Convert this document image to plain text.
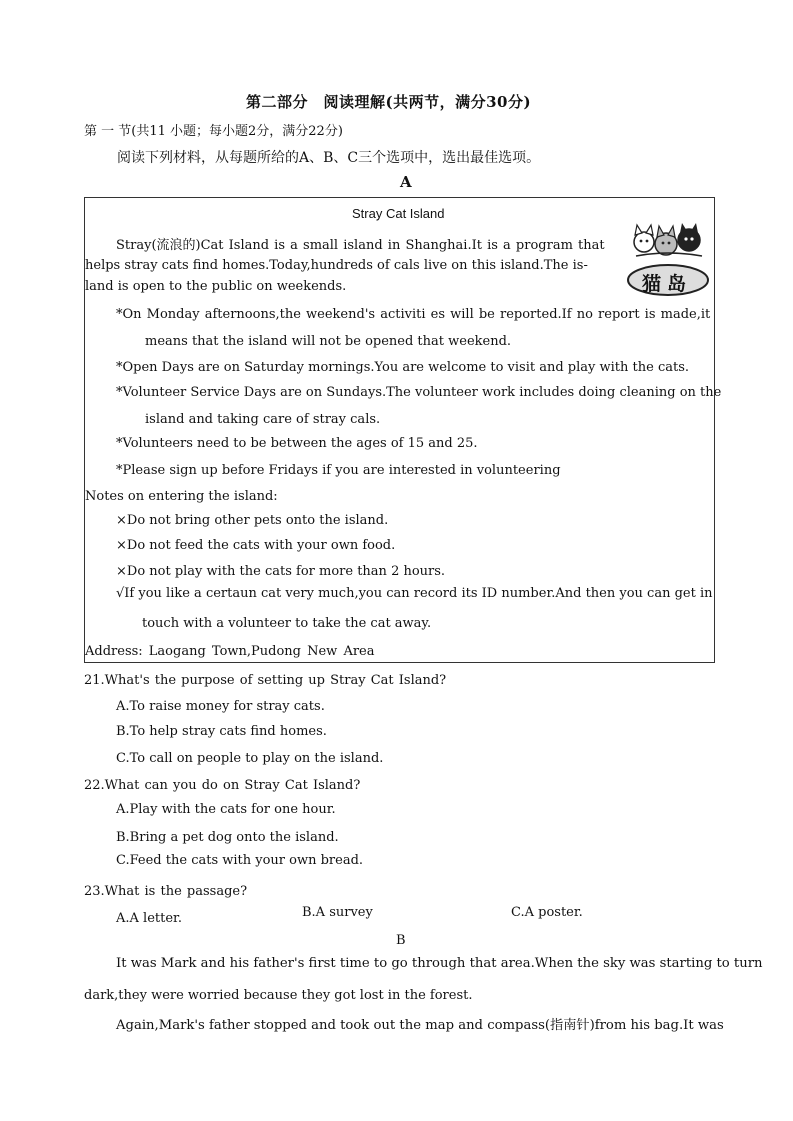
第二部分　阅读理解(共两节，满分30分)
第 一 节(共11 小题；每小题2分，满分22分)
阅读下列材料，从每题所给的A、B、C三个选项中，选出最佳选项。
A
Stray Cat Island
Stray(流浪的)Cat Island is a small island in Shanghai.It is a program that
helps stray cats find homes.Today,hundreds of cals live on this island.The is-
land is open to the public on weekends.	猫岛
*On Monday afternoons,the weekend's activiti es will be reported.If no report is made,it
means that the island will not be opened that weekend.
*Open Days are on Saturday mornings.You are welcome to visit and play with the cats.
*Volunteer Service Days are on Sundays.The volunteer work includes doing cleaning on the
island and taking care of stray cals.
*Volunteers need to be between the ages of 15 and 25.
*Please sign up before Fridays if you are interested in volunteering
Notes on entering the island:
×Do not bring other pets onto the island.
×Do not feed the cats with your own food.
×Do not play with the cats for more than 2 hours.
√If you like a certaun cat very much,you can record its ID number.And then you can get in
touch with a volunteer to take the cat away.
Address: Laogang Town,Pudong New Area
21.What's the purpose of setting up Stray Cat Island?
A.To raise money for stray cats.
B.To help stray cats find homes.
C.To call on people to play on the island.
22.What can you do on Stray Cat Island?
A.Play with the cats for one hour.
B.Bring a pet dog onto the island.
C.Feed the cats with your own bread.
23.What is the passage?
A.A letter.	B.A survey	C.A poster.
B
It was Mark and his father's first time to go through that area.When the sky was starting to turn
dark,they were worried because they got lost in the forest.
Again,Mark's father stopped and took out the map and compass(指南针)from his bag.It was
